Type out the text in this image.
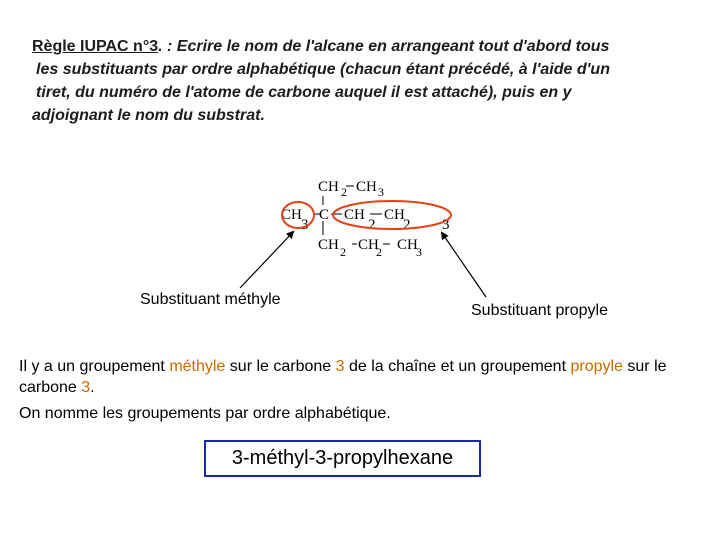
Règle IUPAC n°3. : Ecrire le nom de l'alcane en arrangeant tout d'abord tous
les substituants par ordre alphabétique (chacun étant précédé, à l'aide d'un
tiret, du numéro de l'atome de carbone auquel il est attaché), puis en y
adjoignant le nom du substrat.
CH 2 CH 3
CH
3
C CH
2
CH
2 3
CH 2 CH
2 CH
3
Substituant méthyle
Substituant propyle
Il y a un groupement méthyle sur le carbone 3 de la chaîne et un groupement propyle sur le carbone 3.
On nomme les groupements par ordre alphabétique.
3-méthyl-3-propylhexane
